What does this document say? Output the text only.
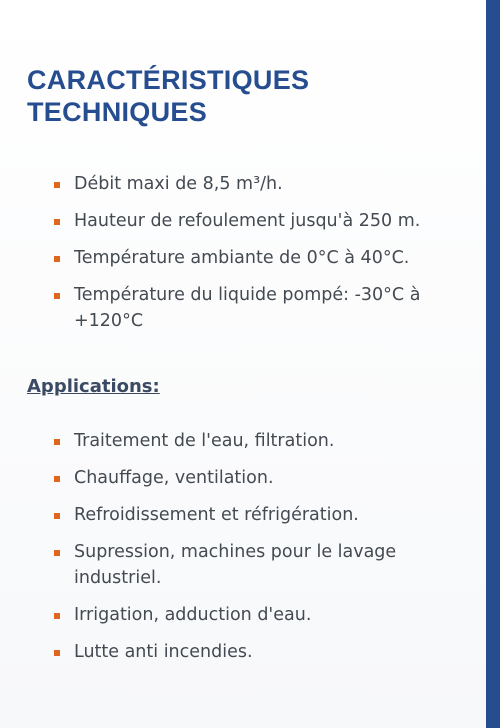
CARACTÉRISTIQUES
TECHNIQUES
Débit maxi de 8,5 m³/h.
Hauteur de refoulement jusqu'à 250 m.
Température ambiante de 0°C à 40°C.
Température du liquide pompé: -30°C à +120°C
Applications:
Traitement de l'eau, filtration.
Chauffage, ventilation.
Refroidissement et réfrigération.
Supression, machines pour le lavage industriel.
Irrigation, adduction d'eau.
Lutte anti incendies.
